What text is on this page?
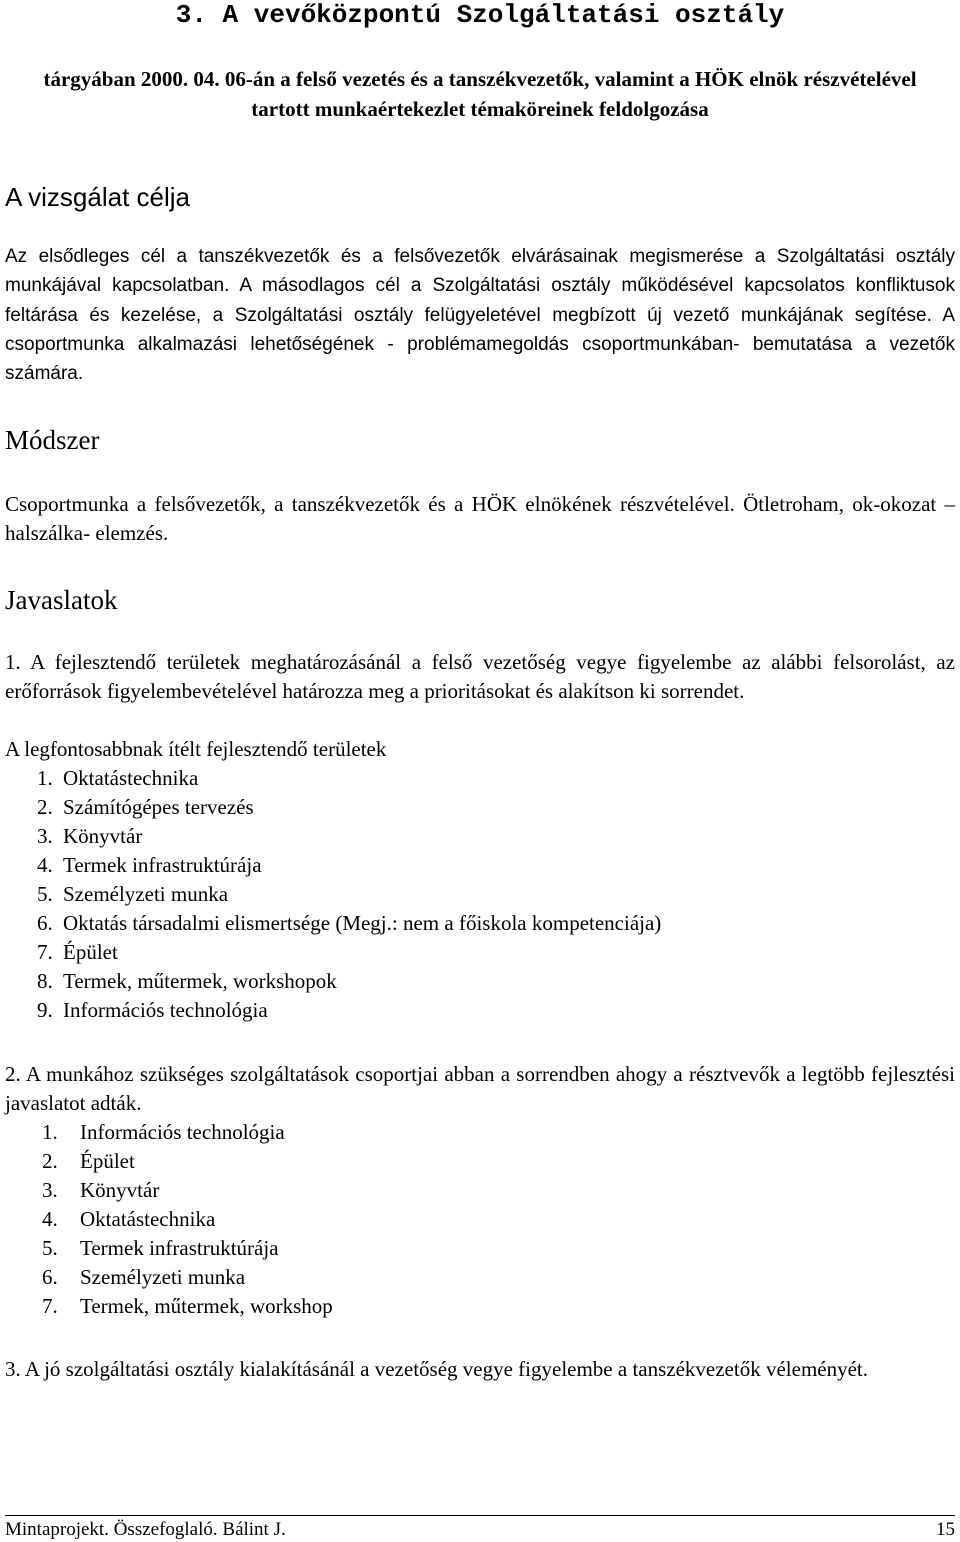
3. A vevőközpontú Szolgáltatási osztály
tárgyában 2000. 04. 06-án a felső vezetés és a tanszékvezetők, valamint a HÖK elnök részvételével tartott munkaértekezlet témaköreinek feldolgozása
A vizsgálat célja

Az elsődleges cél a tanszékvezetők és a felsővezetők elvárásainak megismerése a Szolgáltatási osztály munkájával kapcsolatban. A másodlagos cél a Szolgáltatási osztály működésével kapcsolatos konfliktusok feltárása és kezelése, a Szolgáltatási osztály felügyeletével megbízott új vezető munkájának segítése. A csoportmunka alkalmazási lehetőségének - problémamegoldás csoportmunkában- bemutatása a vezetők számára.

Módszer

Csoportmunka a felsővezetők, a tanszékvezetők és a HÖK elnökének részvételével. Ötletroham, ok-okozat –halszálka- elemzés.

Javaslatok

1. A fejlesztendő területek meghatározásánál a felső vezetőség vegye figyelembe az alábbi felsorolást, az erőforrások figyelembevételével határozza meg a prioritásokat és alakítson ki sorrendet.

A legfontosabbnak ítélt fejlesztendő területek

1. Oktatástechnika
2. Számítógépes tervezés
3. Könyvtár
4. Termek infrastruktúrája
5. Személyzeti munka
6. Oktatás társadalmi elismertsége (Megj.: nem a főiskola kompetenciája)
7. Épület
8. Termek, műtermek, workshopok
9. Információs technológia

2. A munkához szükséges szolgáltatások csoportjai abban a sorrendben ahogy a résztvevők a legtöbb fejlesztési javaslatot adták.

1. Információs technológia
2. Épület
3. Könyvtár
4. Oktatástechnika
5. Termek infrastruktúrája
6. Személyzeti munka
7. Termek, műtermek, workshop

3. A jó szolgáltatási osztály kialakításánál a vezetőség vegye figyelembe a tanszékvezetők véleményét.

Mintaprojekt. Összefoglaló. Bálint J.	15
